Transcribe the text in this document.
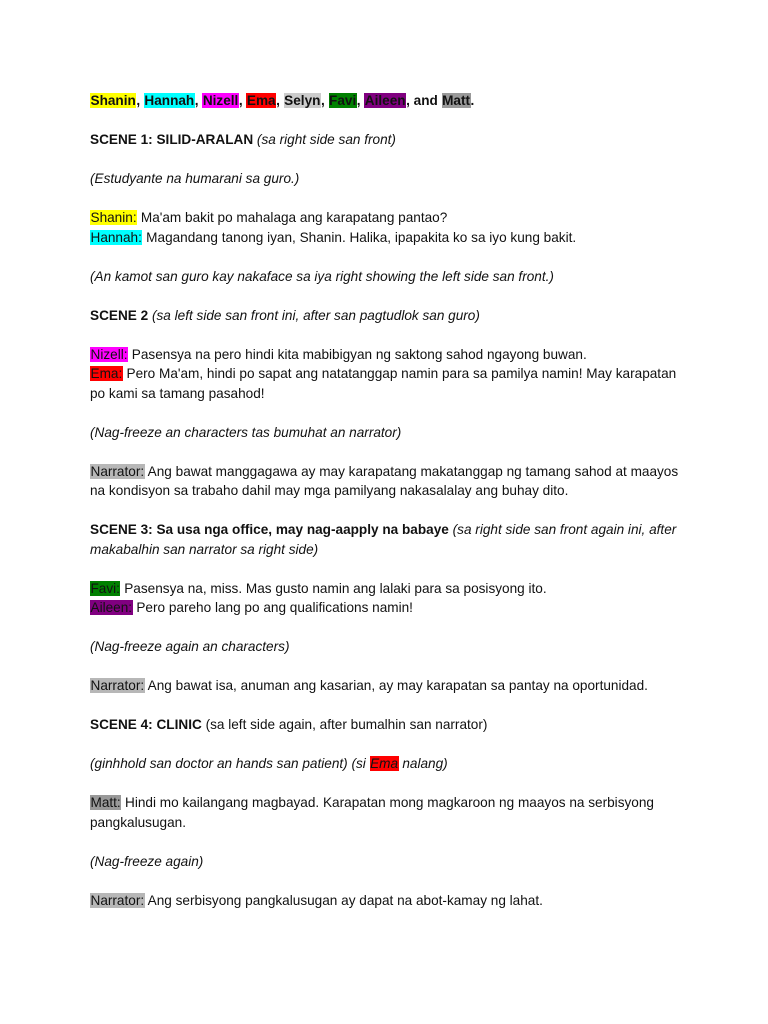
Shanin, Hannah, Nizell, Ema, Selyn, Favi, Aileen, and Matt.

SCENE 1: SILID-ARALAN (sa right side san front)

(Estudyante na humarani sa guro.)

Shanin: Ma'am bakit po mahalaga ang karapatang pantao?

Hannah: Magandang tanong iyan, Shanin. Halika, ipapakita ko sa iyo kung bakit.

(An kamot san guro kay nakaface sa iya right showing the left side san front.)

SCENE 2 (sa left side san front ini, after san pagtudlok san guro)

Nizell: Pasensya na pero hindi kita mabibigyan ng saktong sahod ngayong buwan.

Ema: Pero Ma'am, hindi po sapat ang natatanggap namin para sa pamilya namin! May karapatan po kami sa tamang pasahod!

(Nag-freeze an characters tas bumuhat an narrator)

Narrator: Ang bawat manggagawa ay may karapatang makatanggap ng tamang sahod at maayos na kondisyon sa trabaho dahil may mga pamilyang nakasalalay ang buhay dito.

SCENE 3: Sa usa nga office, may nag-aapply na babaye (sa right side san front again ini, after makabalhin san narrator sa right side)

Favi: Pasensya na, miss. Mas gusto namin ang lalaki para sa posisyong ito.

Aileen: Pero pareho lang po ang qualifications namin!

(Nag-freeze again an characters)

Narrator: Ang bawat isa, anuman ang kasarian, ay may karapatan sa pantay na oportunidad.

SCENE 4: CLINIC (sa left side again, after bumalhin san narrator)

(ginhhold san doctor an hands san patient) (si Ema nalang)

Matt: Hindi mo kailangang magbayad. Karapatan mong magkaroon ng maayos na serbisyong pangkalusugan.

(Nag-freeze again)

Narrator: Ang serbisyong pangkalusugan ay dapat na abot-kamay ng lahat.
